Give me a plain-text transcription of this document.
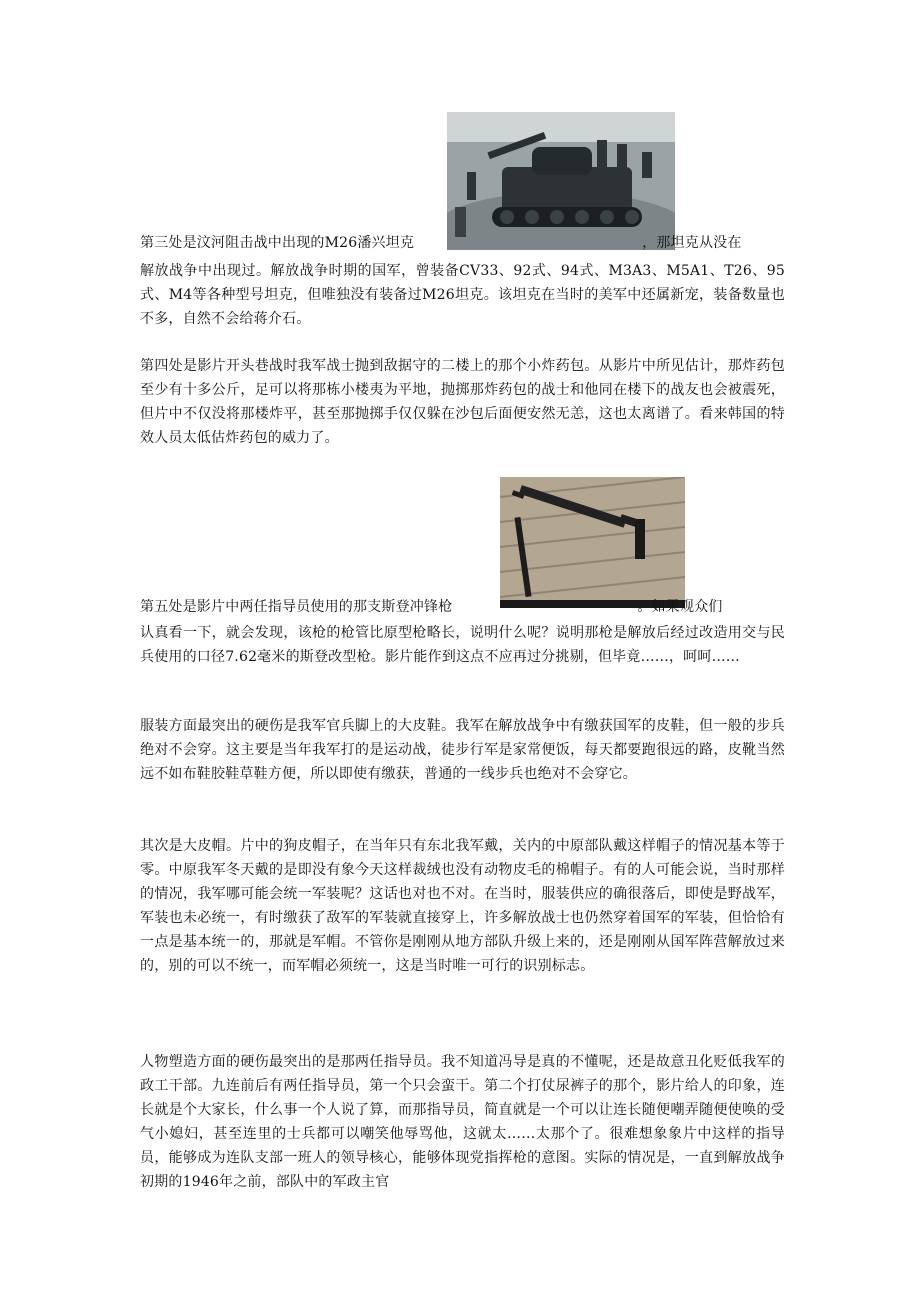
第三处是汶河阻击战中出现的M26潘兴坦克	，那坦克从没在

解放战争中出现过。解放战争时期的国军，曾装备CV33、92式、94式、M3A3、M5A1、T26、95式、M4等各种型号坦克，但唯独没有装备过M26坦克。该坦克在当时的美军中还属新宠，装备数量也不多，自然不会给蒋介石。

第四处是影片开头巷战时我军战士抛到敌据守的二楼上的那个小炸药包。从影片中所见估计，那炸药包至少有十多公斤，足可以将那栋小楼夷为平地，抛掷那炸药包的战士和他同在楼下的战友也会被震死，但片中不仅没将那楼炸平，甚至那抛掷手仅仅躲在沙包后面便安然无恙，这也太离谱了。看来韩国的特效人员太低估炸药包的威力了。

第五处是影片中两任指导员使用的那支斯登冲锋枪	。如果观众们

认真看一下，就会发现，该枪的枪管比原型枪略长，说明什么呢？说明那枪是解放后经过改造用交与民兵使用的口径7.62毫米的斯登改型枪。影片能作到这点不应再过分挑剔，但毕竟……，呵呵……

服装方面最突出的硬伤是我军官兵脚上的大皮鞋。我军在解放战争中有缴获国军的皮鞋，但一般的步兵绝对不会穿。这主要是当年我军打的是运动战，徒步行军是家常便饭，每天都要跑很远的路，皮靴当然远不如布鞋胶鞋草鞋方便，所以即使有缴获，普通的一线步兵也绝对不会穿它。

其次是大皮帽。片中的狗皮帽子，在当年只有东北我军戴，关内的中原部队戴这样帽子的情况基本等于零。中原我军冬天戴的是即没有象今天这样裁绒也没有动物皮毛的棉帽子。有的人可能会说，当时那样的情况，我军哪可能会统一军装呢？这话也对也不对。在当时，服装供应的确很落后，即使是野战军，军装也未必统一，有时缴获了敌军的军装就直接穿上，许多解放战士也仍然穿着国军的军装，但恰恰有一点是基本统一的，那就是军帽。不管你是刚刚从地方部队升级上来的，还是刚刚从国军阵营解放过来的，别的可以不统一，而军帽必须统一，这是当时唯一可行的识别标志。

人物塑造方面的硬伤最突出的是那两任指导员。我不知道冯导是真的不懂呢，还是故意丑化贬低我军的政工干部。九连前后有两任指导员，第一个只会蛮干。第二个打仗尿裤子的那个，影片给人的印象，连长就是个大家长，什么事一个人说了算，而那指导员，简直就是一个可以让连长随便嘲弄随便使唤的受气小媳妇，甚至连里的士兵都可以嘲笑他辱骂他，这就太……太那个了。很难想象象片中这样的指导员，能够成为连队支部一班人的领导核心，能够体现党指挥枪的意图。实际的情况是，一直到解放战争初期的1946年之前，部队中的军政主官
